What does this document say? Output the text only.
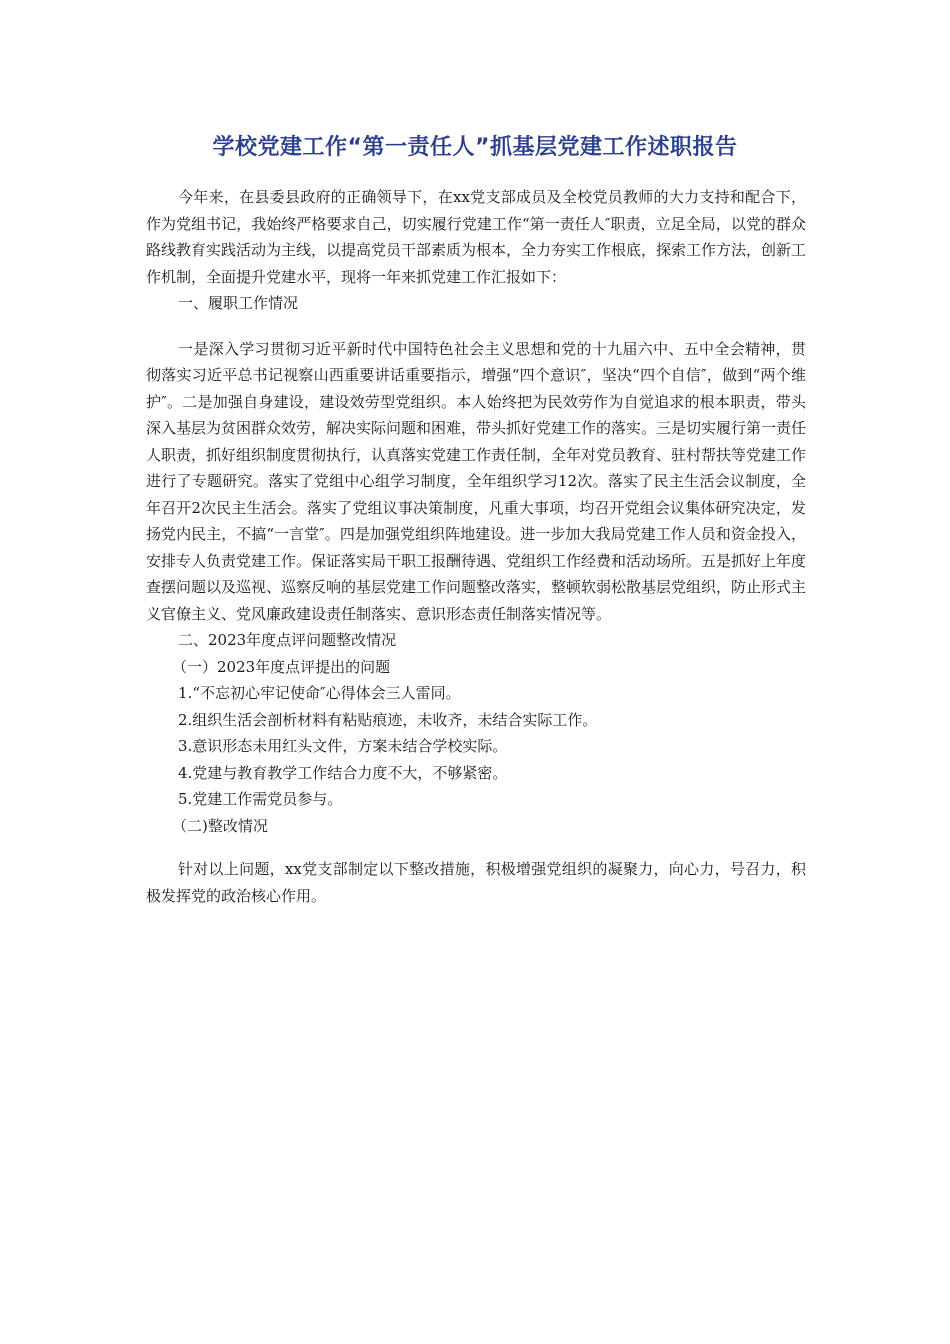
学校党建工作“第一责任人”抓基层党建工作述职报告

今年来，在县委县政府的正确领导下，在xx党支部成员及全校党员教师的大力支持和配合下，作为党组书记，我始终严格要求自己，切实履行党建工作“第一责任人″职责，立足全局，以党的群众路线教育实践活动为主线，以提高党员干部素质为根本，全力夯实工作根底，探索工作方法，创新工作机制，全面提升党建水平，现将一年来抓党建工作汇报如下：

一、履职工作情况

一是深入学习贯彻习近平新时代中国特色社会主义思想和党的十九届六中、五中全会精神，贯彻落实习近平总书记视察山西重要讲话重要指示，增强“四个意识″，坚决“四个自信″，做到“两个维护″。二是加强自身建设，建设效劳型党组织。本人始终把为民效劳作为自觉追求的根本职责，带头深入基层为贫困群众效劳，解决实际问题和困难，带头抓好党建工作的落实。三是切实履行第一责任人职责，抓好组织制度贯彻执行，认真落实党建工作责任制，全年对党员教育、驻村帮扶等党建工作进行了专题研究。落实了党组中心组学习制度，全年组织学习12次。落实了民主生活会议制度，全年召开2次民主生活会。落实了党组议事决策制度，凡重大事项，均召开党组会议集体研究决定，发扬党内民主，不搞“一言堂″。四是加强党组织阵地建设。进一步加大我局党建工作人员和资金投入，安排专人负责党建工作。保证落实局干职工报酬待遇、党组织工作经费和活动场所。五是抓好上年度查摆问题以及巡视、巡察反响的基层党建工作问题整改落实，整顿软弱松散基层党组织，防止形式主义官僚主义、党风廉政建设责任制落实、意识形态责任制落实情况等。

二、2023年度点评问题整改情况

（一）2023年度点评提出的问题

1.“不忘初心牢记使命″心得体会三人雷同。

2.组织生活会剖析材料有粘贴痕迹，未收齐，未结合实际工作。

3.意识形态未用红头文件，方案未结合学校实际。

4.党建与教育教学工作结合力度不大，不够紧密。

5.党建工作需党员参与。

（二)整改情况

针对以上问题，xx党支部制定以下整改措施，积极增强党组织的凝聚力，向心力，号召力，积极发挥党的政治核心作用。
